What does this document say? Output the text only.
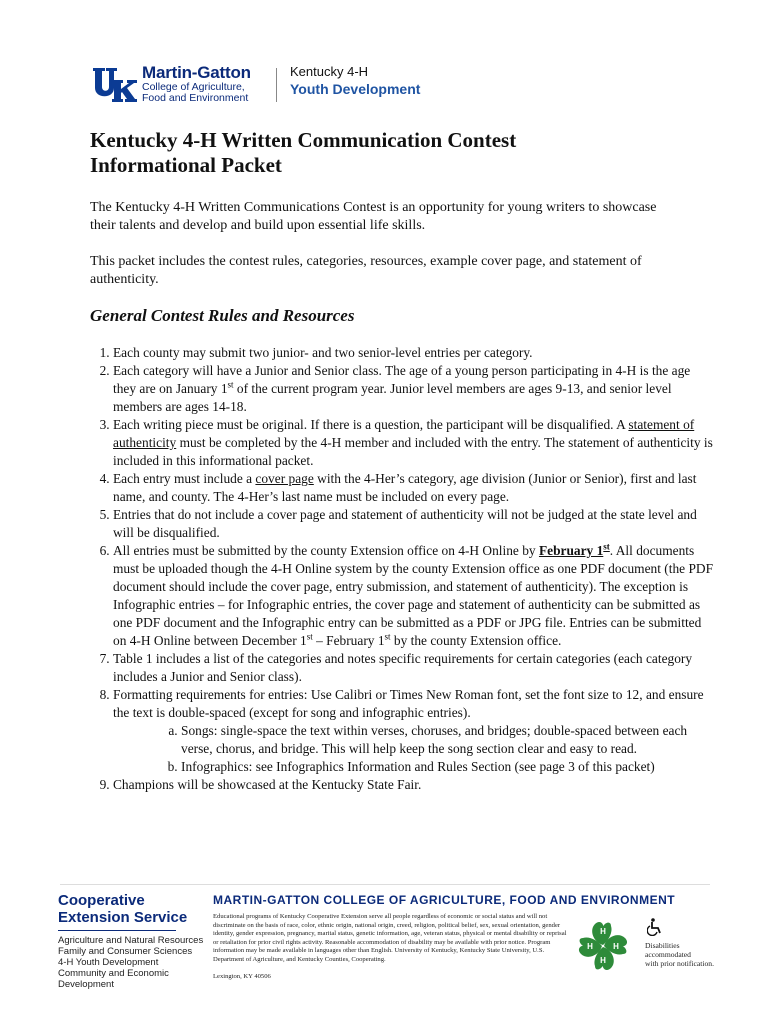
Martin-Gatton
College of Agriculture,
Food and Environment
Kentucky 4-H
Youth Development
Kentucky 4-H Written Communication Contest
Informational Packet

The Kentucky 4-H Written Communications Contest is an opportunity for young writers to showcase their talents and develop and build upon essential life skills.

This packet includes the contest rules, categories, resources, example cover page, and statement of authenticity.

General Contest Rules and Resources
1. Each county may submit two junior- and two senior-level entries per category.
2. Each category will have a Junior and Senior class. The age of a young person participating in 4-H is the age they are on January 1st of the current program year. Junior level members are ages 9-13, and senior level members are ages 14-18.
3. Each writing piece must be original. If there is a question, the participant will be disqualified. A statement of authenticity must be completed by the 4-H member and included with the entry. The statement of authenticity is included in this informational packet.
4. Each entry must include a cover page with the 4-Her’s category, age division (Junior or Senior), first and last name, and county. The 4-Her’s last name must be included on every page.
5. Entries that do not include a cover page and statement of authenticity will not be judged at the state level and will be disqualified.
6. All entries must be submitted by the county Extension office on 4-H Online by February 1st. All documents must be uploaded though the 4-H Online system by the county Extension office as one PDF document (the PDF document should include the cover page, entry submission, and statement of authenticity). The exception is Infographic entries – for Infographic entries, the cover page and statement of authenticity can be submitted as one PDF document and the Infographic entry can be submitted as a PDF or JPG file. Entries can be submitted on 4-H Online between December 1st – February 1st by the county Extension office.
7. Table 1 includes a list of the categories and notes specific requirements for certain categories (each category includes a Junior and Senior class).
8. Formatting requirements for entries: Use Calibri or Times New Roman font, set the font size to 12, and ensure the text is double-spaced (except for song and infographic entries).
a. Songs: single-space the text within verses, choruses, and bridges; double-spaced between each verse, chorus, and bridge. This will help keep the song section clear and easy to read.
b. Infographics: see Infographics Information and Rules Section (see page 3 of this packet)
9. Champions will be showcased at the Kentucky State Fair.
Cooperative
Extension Service
Agriculture and Natural Resources
Family and Consumer Sciences
4-H Youth Development
Community and Economic Development
MARTIN-GATTON COLLEGE OF AGRICULTURE, FOOD AND ENVIRONMENT
Educational programs of Kentucky Cooperative Extension serve all people regardless of economic or social status and will not discriminate on the basis of race, color, ethnic origin, national origin, creed, religion, political belief, sex, sexual orientation, gender identity, gender expression, pregnancy, marital status, genetic information, age, veteran status, physical or mental disability or reprisal or retaliation for prior civil rights activity. Reasonable accommodation of disability may be available with prior notice. Program information may be made available in languages other than English. University of Kentucky, Kentucky State University, U.S. Department of Agriculture, and Kentucky Counties, Cooperating.
Lexington, KY 40506
H
H
H
H	Disabilities
accommodated
with prior notification.
